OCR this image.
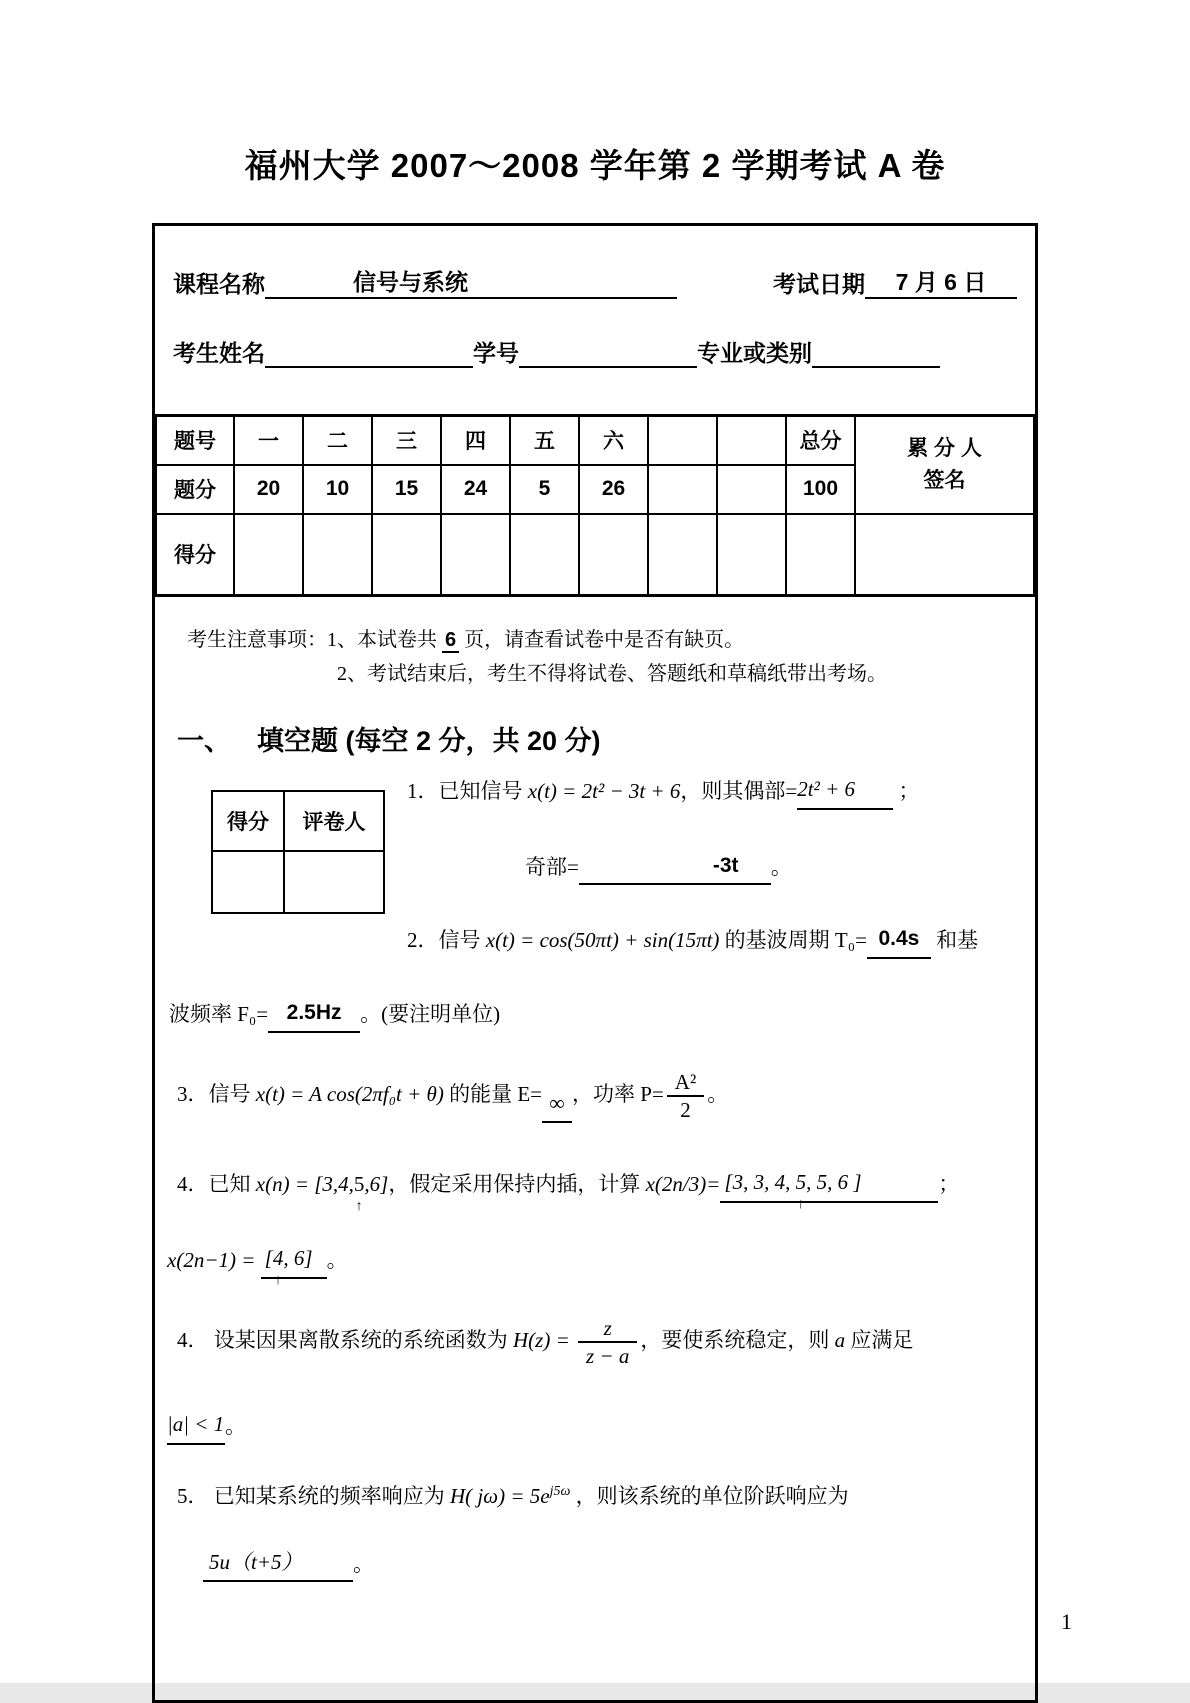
福州大学 2007～2008 学年第 2 学期考试 A 卷
课程名称	信号与系统	考试日期	7 月 6 日
考生姓名	学号	专业或类别
题号	一	二	三	四	五	六			总分	累 分 人
签名

题分	20	10	15	24	5	26			100	
得分										
考生注意事项：1、本试卷共 6 页，请查看试卷中是否有缺页。
2、考试结束后，考生不得将试卷、答题纸和草稿纸带出考场。
一、 填空题 (每空 2 分，共 20 分)
得分	评卷人

1．已知信号 x(t) = 2t² − 3t + 6，则其偶部=2t² + 6 ；
奇部=	-3t 。
2．信号 x(t) = cos(50πt) + sin(15πt) 的基波周期 T₀= 0.4s 和基
波频率 F₀= 2.5Hz 。(要注明单位)
3．信号 x(t) = A cos(2πf₀t + θ) 的能量 E= ∞ ，功率 $P= \frac{\text{A²}}{2}$ 。
4．已知 x(n) = [3,4,5
↑
,6]，假定采用保持内插，计算 x(2n/3)= [3, 3, 4, 5
↑
, 5, 6 ]	；
x(2n−1) = [4
↑
, 6] 。
4． 设某因果离散系统的系统函数为 $H(z) = \frac{z}{z - a}$ ，要使系统稳定，则 a 应满足
|a| < 1。
5． 已知某系统的频率响应为 H( $j\omega) = 5e^{j5\omega}$ ，则该系统的单位阶跃响应为
5u（t+5） 。
1
